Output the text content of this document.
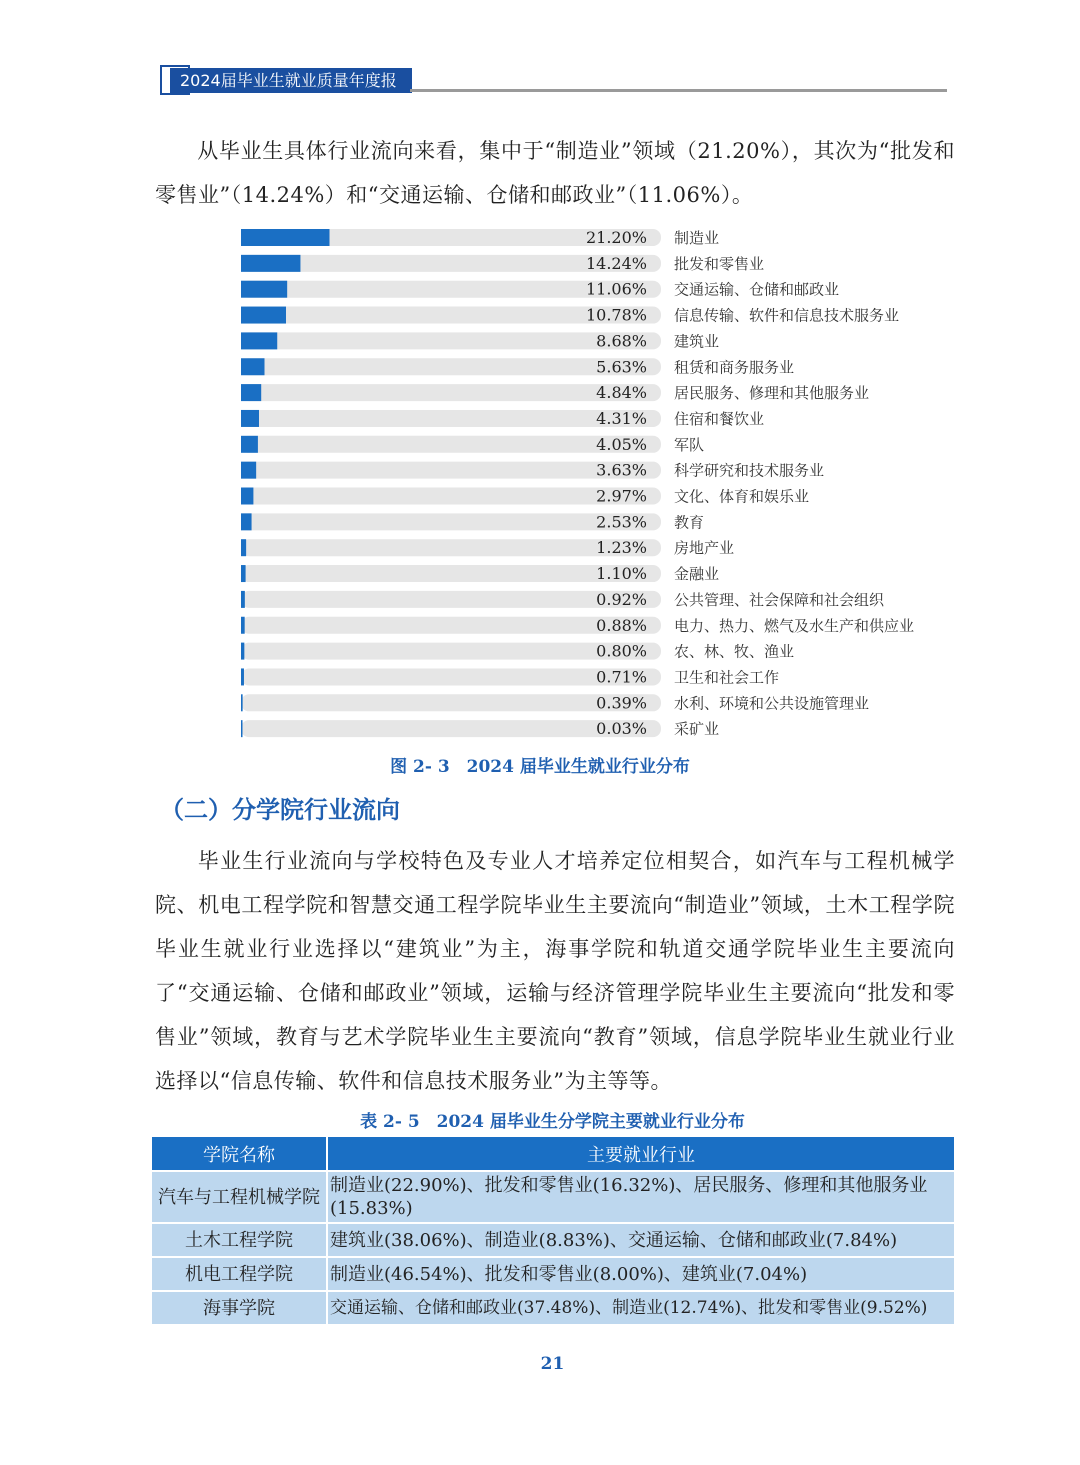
2024届毕业生就业质量年度报告

从毕业生具体行业流向来看，集中于“制造业”领域（21.20%），其次为“批发和零售业”（14.24%）和“交通运输、仓储和邮政业”（11.06%）。

21.20% 制造业
14.24% 批发和零售业
11.06% 交通运输、仓储和邮政业
10.78% 信息传输、软件和信息技术服务业
8.68% 建筑业
5.63% 租赁和商务服务业
4.84% 居民服务、修理和其他服务业
4.31% 住宿和餐饮业
4.05% 军队
3.63% 科学研究和技术服务业
2.97% 文化、体育和娱乐业
2.53% 教育
1.23% 房地产业
1.10% 金融业
0.92% 公共管理、社会保障和社会组织
0.88% 电力、热力、燃气及水生产和供应业
0.80% 农、林、牧、渔业
0.71% 卫生和社会工作
0.39% 水利、环境和公共设施管理业
0.03% 采矿业
图 2- 3　2024 届毕业生就业行业分布
（二）分学院行业流向

毕业生行业流向与学校特色及专业人才培养定位相契合，如汽车与工程机械学院、机电工程学院和智慧交通工程学院毕业生主要流向“制造业”领域，土木工程学院毕业生就业行业选择以“建筑业”为主，海事学院和轨道交通学院毕业生主要流向了“交通运输、仓储和邮政业”领域，运输与经济管理学院毕业生主要流向“批发和零售业”领域，教育与艺术学院毕业生主要流向“教育”领域，信息学院毕业生就业行业选择以“信息传输、软件和信息技术服务业”为主等等。

表 2- 5　2024 届毕业生分学院主要就业行业分布
学院名称	主要就业行业
汽车与工程机械学院	制造业(22.90%)、批发和零售业(16.32%)、居民服务、修理和其他服务业(15.83%)
土木工程学院	建筑业(38.06%)、制造业(8.83%)、交通运输、仓储和邮政业(7.84%)
机电工程学院	制造业(46.54%)、批发和零售业(8.00%)、建筑业(7.04%)
海事学院	交通运输、仓储和邮政业(37.48%)、制造业(12.74%)、批发和零售业(9.52%)
21
